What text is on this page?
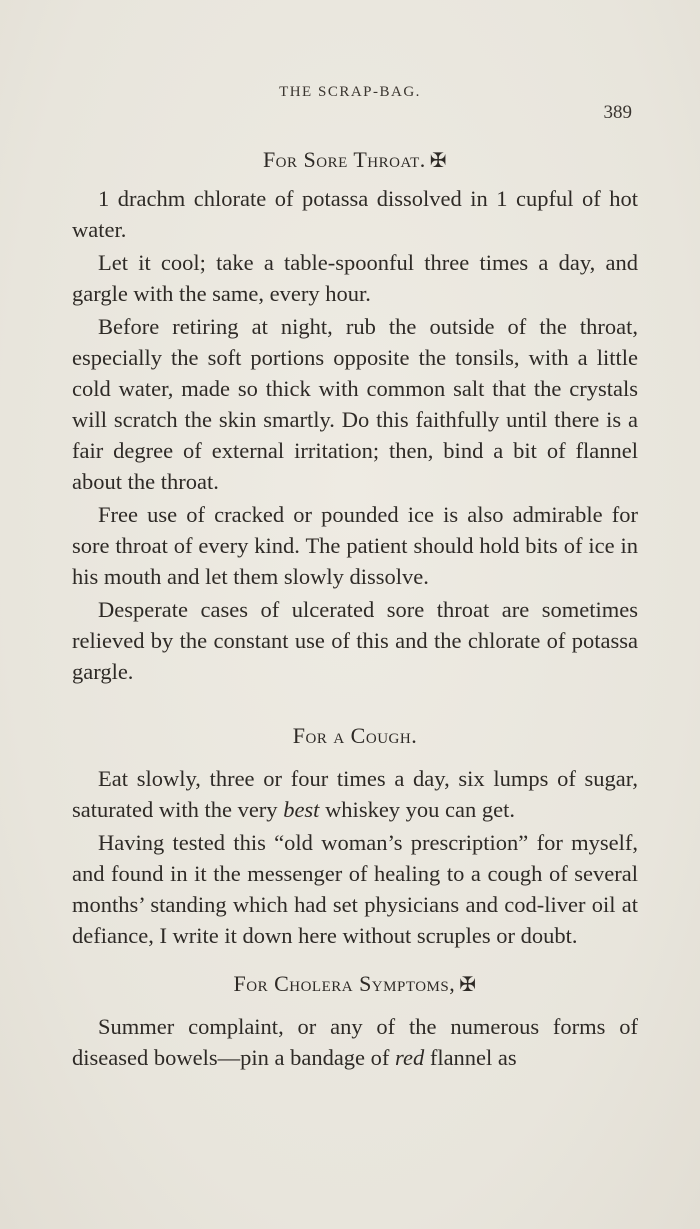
THE SCRAP-BAG.
389

For Sore Throat. ✠

1 drachm chlorate of potassa dissolved in 1 cupful of hot water.

Let it cool; take a table-spoonful three times a day, and gargle with the same, every hour.

Before retiring at night, rub the outside of the throat, especially the soft portions opposite the tonsils, with a little cold water, made so thick with common salt that the crystals will scratch the skin smartly. Do this faithfully until there is a fair degree of external irritation; then, bind a bit of flannel about the throat.

Free use of cracked or pounded ice is also admirable for sore throat of every kind. The patient should hold bits of ice in his mouth and let them slowly dissolve.

Desperate cases of ulcerated sore throat are sometimes relieved by the constant use of this and the chlorate of potassa gargle.

For a Cough.

Eat slowly, three or four times a day, six lumps of sugar, saturated with the very best whiskey you can get.

Having tested this “old woman’s prescription” for myself, and found in it the messenger of healing to a cough of several months’ standing which had set physicians and cod-liver oil at defiance, I write it down here without scruples or doubt.

For Cholera Symptoms, ✠

Summer complaint, or any of the numerous forms of diseased bowels—pin a bandage of red flannel as
